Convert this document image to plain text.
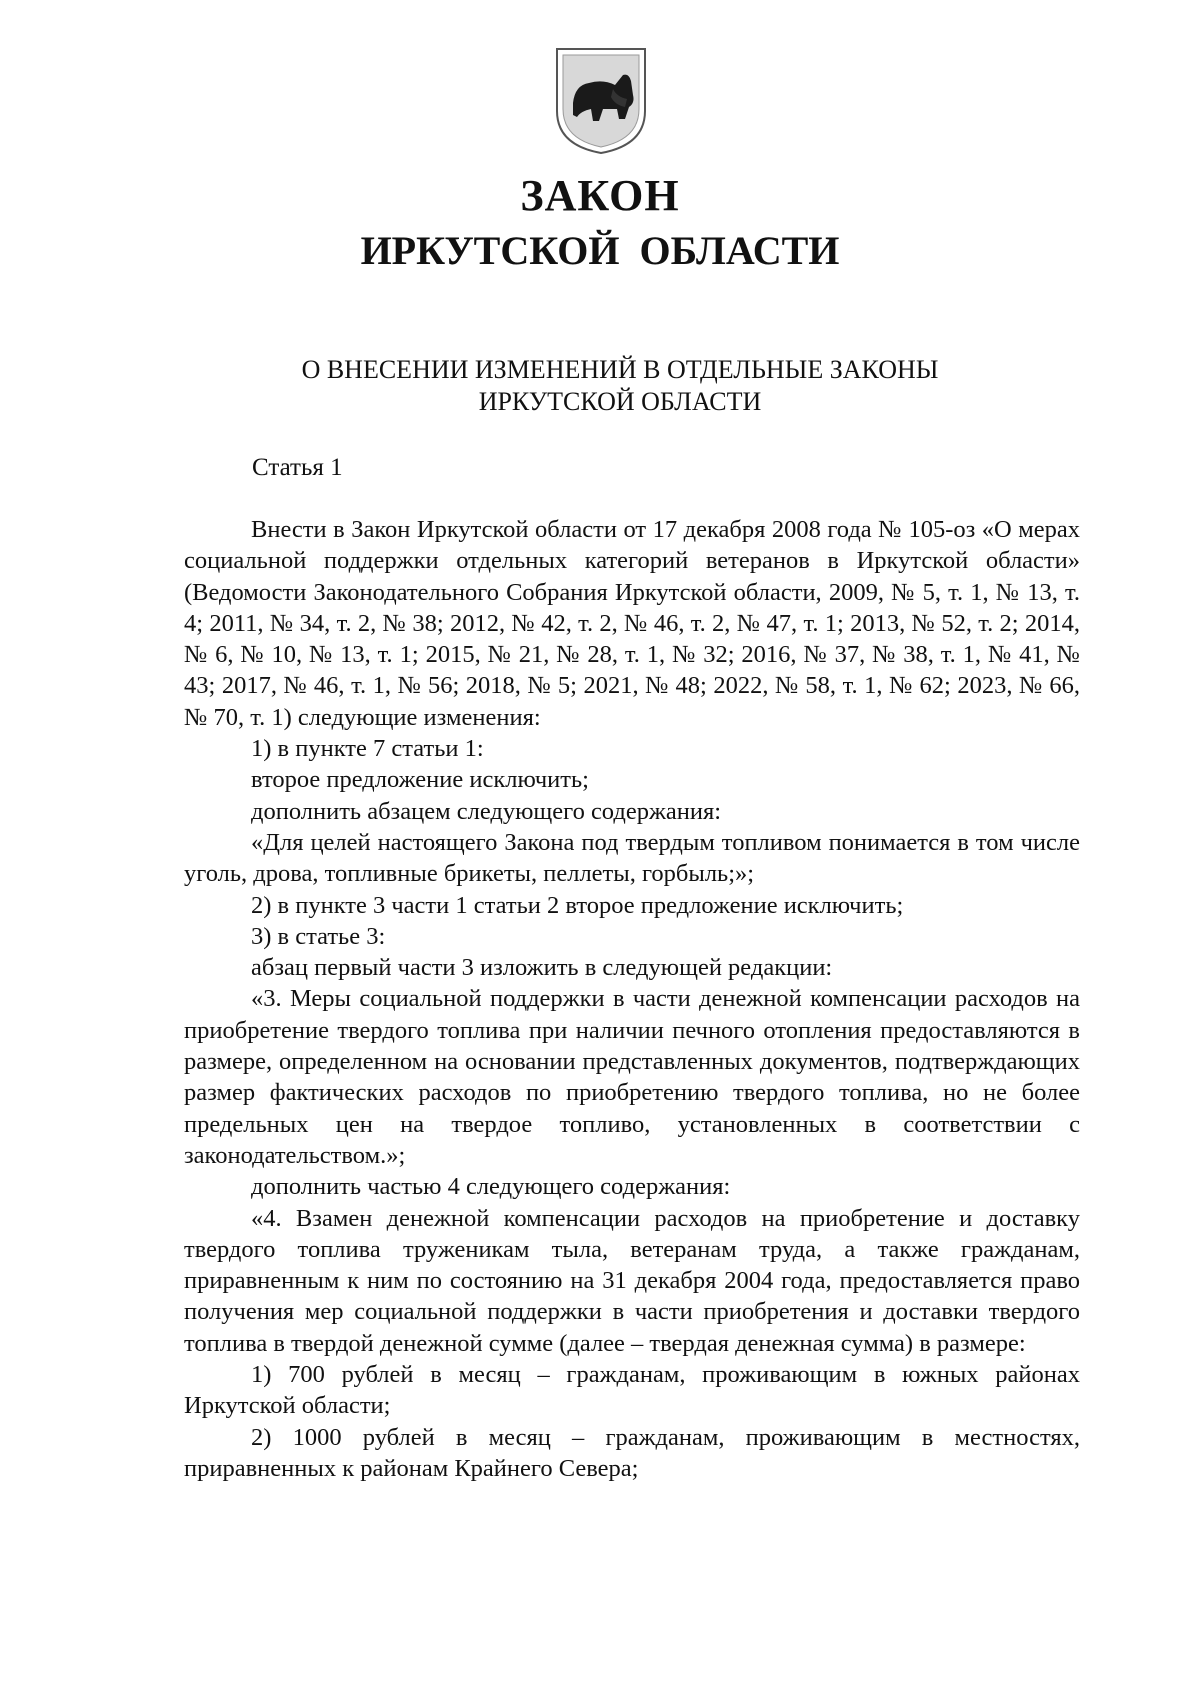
ЗАКОН
ИРКУТСКОЙ ОБЛАСТИ
О ВНЕСЕНИИ ИЗМЕНЕНИЙ В ОТДЕЛЬНЫЕ ЗАКОНЫ
ИРКУТСКОЙ ОБЛАСТИ
Статья 1

Внести в Закон Иркутской области от 17 декабря 2008 года № 105-оз «О мерах социальной поддержки отдельных категорий ветеранов в Иркутской области» (Ведомости Законодательного Собрания Иркутской области, 2009, № 5, т. 1, № 13, т. 4; 2011, № 34, т. 2, № 38; 2012, № 42, т. 2, № 46, т. 2, № 47, т. 1; 2013, № 52, т. 2; 2014, № 6, № 10, № 13, т. 1; 2015, № 21, № 28, т. 1, № 32; 2016, № 37, № 38, т. 1, № 41, № 43; 2017, № 46, т. 1, № 56; 2018, № 5; 2021, № 48; 2022, № 58, т. 1, № 62; 2023, № 66, № 70, т. 1) следующие изменения:

1) в пункте 7 статьи 1:

второе предложение исключить;

дополнить абзацем следующего содержания:

«Для целей настоящего Закона под твердым топливом понимается в том числе уголь, дрова, топливные брикеты, пеллеты, горбыль;»;

2) в пункте 3 части 1 статьи 2 второе предложение исключить;

3) в статье 3:

абзац первый части 3 изложить в следующей редакции:

«3. Меры социальной поддержки в части денежной компенсации расходов на приобретение твердого топлива при наличии печного отопления предоставляются в размере, определенном на основании представленных документов, подтверждающих размер фактических расходов по приобретению твердого топлива, но не более предельных цен на твердое топливо, установленных в соответствии с законодательством.»;

дополнить частью 4 следующего содержания:

«4. Взамен денежной компенсации расходов на приобретение и доставку твердого топлива труженикам тыла, ветеранам труда, а также гражданам, приравненным к ним по состоянию на 31 декабря 2004 года, предоставляется право получения мер социальной поддержки в части приобретения и доставки твердого топлива в твердой денежной сумме (далее – твердая денежная сумма) в размере:

1) 700 рублей в месяц – гражданам, проживающим в южных районах Иркутской области;

2) 1000 рублей в месяц – гражданам, проживающим в местностях, приравненных к районам Крайнего Севера;
